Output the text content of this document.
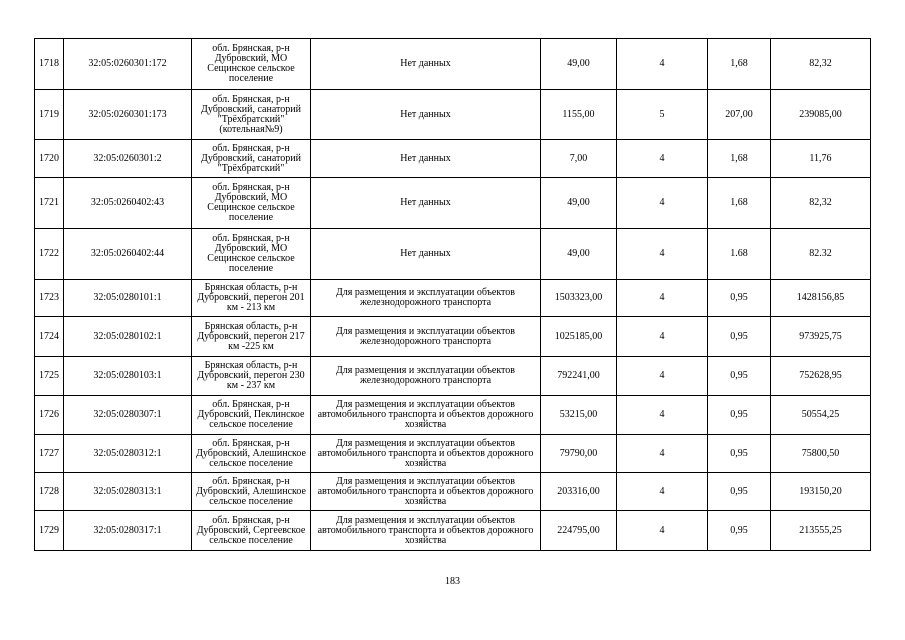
1718	32:05:0260301:172	обл. Брянская, р-н Дубровский, МО Сещинское сельское поселение	Нет данных	49,00	4	1,68	82,32
1719	32:05:0260301:173	обл. Брянская, р-н Дубровский, санаторий "Трёхбратский" (котельная№9)	Нет данных	1155,00	5	207,00	239085,00
1720	32:05:0260301:2	обл. Брянская, р-н Дубровский, санаторий "Трёхбратский"	Нет данных	7,00	4	1,68	11,76
1721	32:05:0260402:43	обл. Брянская, р-н Дубровский, МО Сещинское сельское поселение	Нет данных	49,00	4	1,68	82,32
1722	32:05:0260402:44	обл. Брянская, р-н Дубровский, МО Сещинское сельское поселение	Нет данных	49,00	4	1.68	82.32
1723	32:05:0280101:1	Брянская область, р-н Дубровский, перегон 201 км - 213 км	Для размещения и эксплуатации объектов железнодорожного транспорта	1503323,00	4	0,95	1428156,85
1724	32:05:0280102:1	Брянская область, р-н Дубровский, перегон 217 км -225 км	Для размещения и эксплуатации объектов железнодорожного транспорта	1025185,00	4	0,95	973925,75
1725	32:05:0280103:1	Брянская область, р-н Дубровский, перегон 230 км - 237 км	Для размещения и эксплуатации объектов железнодорожного транспорта	792241,00	4	0,95	752628,95
1726	32:05:0280307:1	обл. Брянская, р-н Дубровский, Пеклинское сельское поселение	Для размещения и эксплуатации объектов автомобильного транспорта и объектов дорожного хозяйства	53215,00	4	0,95	50554,25
1727	32:05:0280312:1	обл. Брянская, р-н Дубровский, Алешинское сельское поселение	Для размещения и эксплуатации объектов автомобильного транспорта и объектов дорожного хозяйства	79790,00	4	0,95	75800,50
1728	32:05:0280313:1	обл. Брянская, р-н Дубровский, Алешинское сельское поселение	Для размещения и эксплуатации объектов автомобильного транспорта и объектов дорожного хозяйства	203316,00	4	0,95	193150,20
1729	32:05:0280317:1	обл. Брянская, р-н Дубровский, Сергеевское сельское поселение	Для размещения и эксплуатации объектов автомобильного транспорта и объектов дорожного хозяйства	224795,00	4	0,95	213555,25
183
